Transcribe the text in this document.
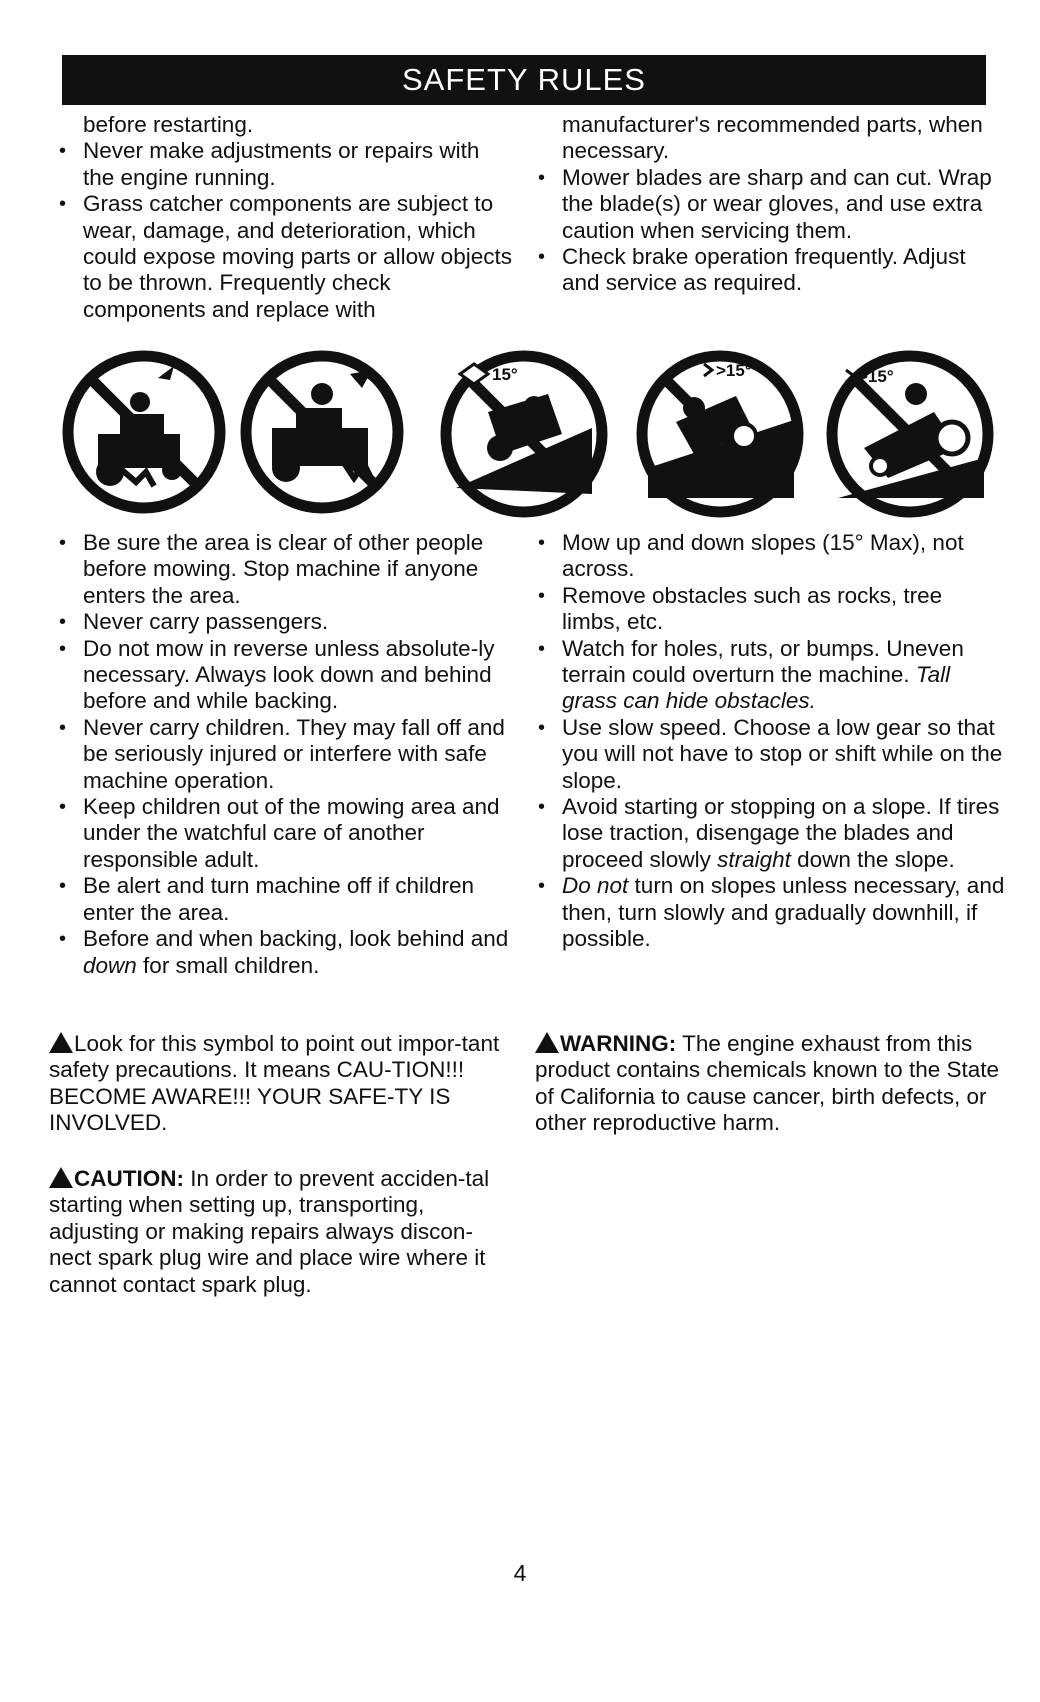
SAFETY RULES
before restarting.
• Never make adjustments or repairs with the engine running.
• Grass catcher components are subject to wear, damage, and deterioration, which could expose moving parts or allow objects to be thrown. Frequently check components and replace with
manufacturer's recommended parts, when necessary.
• Mower blades are sharp and can cut. Wrap the blade(s) or wear gloves, and use extra caution when servicing them.
• Check brake operation frequently. Adjust and service as required.
15°	>15°	>15°
• Be sure the area is clear of other people before mowing. Stop machine if anyone enters the area.
• Never carry passengers.
• Do not mow in reverse unless absolute-ly necessary. Always look down and behind before and while backing.
• Never carry children. They may fall off and be seriously injured or interfere with safe machine operation.
• Keep children out of the mowing area and under the watchful care of another responsible adult.
• Be alert and turn machine off if children enter the area.
• Before and when backing, look behind and down for small children.
• Mow up and down slopes (15° Max), not across.
• Remove obstacles such as rocks, tree limbs, etc.
• Watch for holes, ruts, or bumps. Uneven terrain could overturn the machine. Tall grass can hide obstacles.
• Use slow speed. Choose a low gear so that you will not have to stop or shift while on the slope.
• Avoid starting or stopping on a slope. If tires lose traction, disengage the blades and proceed slowly straight down the slope.
• Do not turn on slopes unless necessary, and then, turn slowly and gradually downhill, if possible.
Look for this symbol to point out impor-tant safety precautions. It means CAU-TION!!! BECOME AWARE!!! YOUR SAFE-TY IS INVOLVED.
WARNING: The engine exhaust from this product contains chemicals known to the State of California to cause cancer, birth defects, or other reproductive harm.
CAUTION: In order to prevent acciden-tal starting when setting up, transporting, adjusting or making repairs always discon-nect spark plug wire and place wire where it cannot contact spark plug.
4
